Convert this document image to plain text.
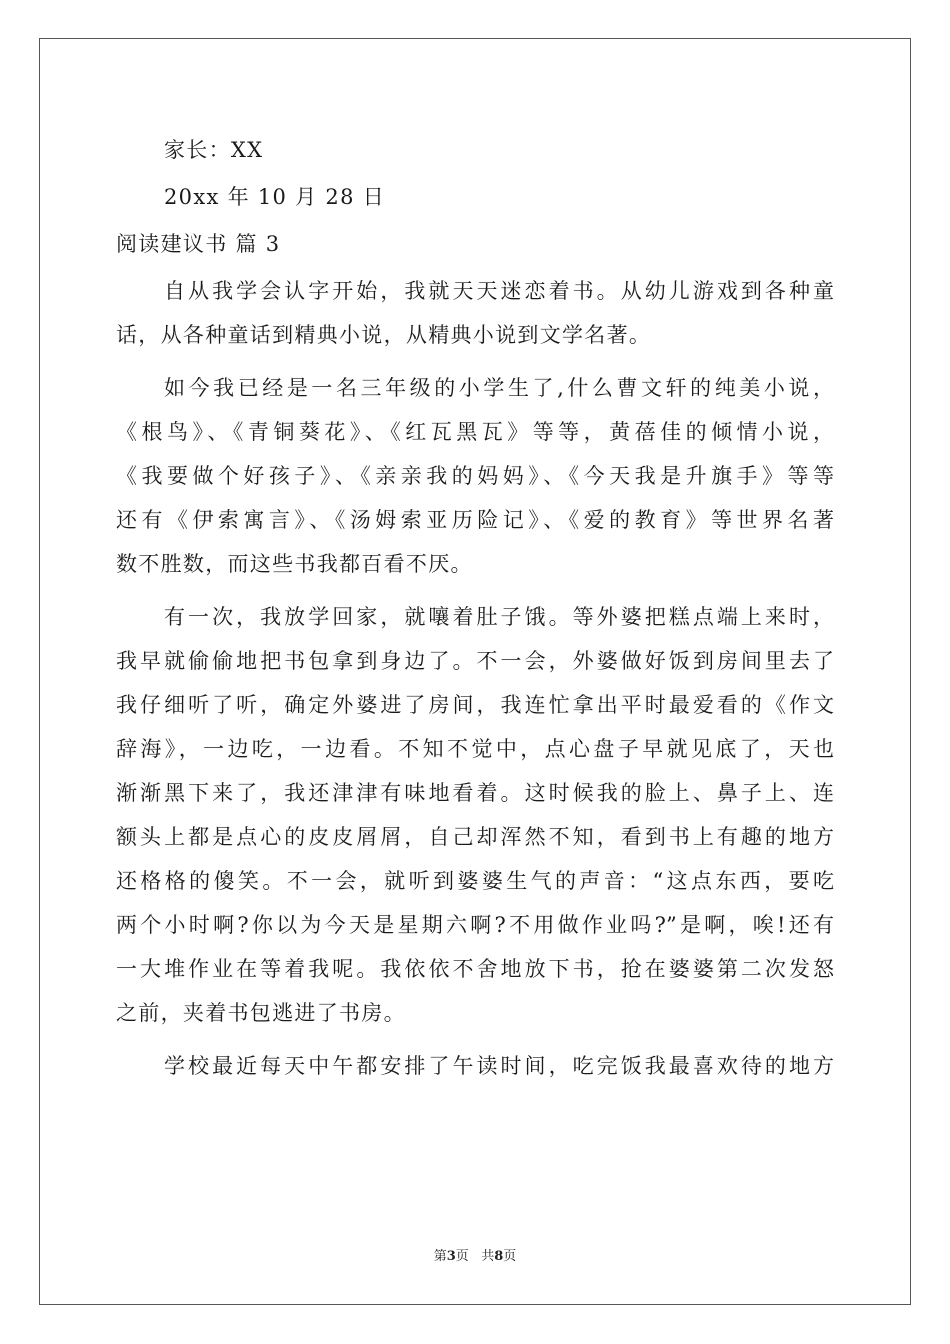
家长：XX
20xx 年 10 月 28 日
阅读建议书 篇 3
自从我学会认字开始，我就天天迷恋着书。从幼儿游戏到各种童
话，从各种童话到精典小说，从精典小说到文学名著。
如今我已经是一名三年级的小学生了,什么曹文轩的纯美小说，
《根鸟》、《青铜葵花》、《红瓦黑瓦》等等，黄蓓佳的倾情小说，
《我要做个好孩子》、《亲亲我的妈妈》、《今天我是升旗手》等等
还有《伊索寓言》、《汤姆索亚历险记》、《爱的教育》等世界名著
数不胜数，而这些书我都百看不厌。
有一次，我放学回家，就嚷着肚子饿。等外婆把糕点端上来时，
我早就偷偷地把书包拿到身边了。不一会，外婆做好饭到房间里去了
我仔细听了听，确定外婆进了房间，我连忙拿出平时最爱看的《作文
辞海》，一边吃，一边看。不知不觉中，点心盘子早就见底了，天也
渐渐黑下来了，我还津津有味地看着。这时候我的脸上、鼻子上、连
额头上都是点心的皮皮屑屑，自己却浑然不知，看到书上有趣的地方
还格格的傻笑。不一会，就听到婆婆生气的声音：“这点东西，要吃
两个小时啊?你以为今天是星期六啊?不用做作业吗?”是啊，唉!还有
一大堆作业在等着我呢。我依依不舍地放下书，抢在婆婆第二次发怒
之前，夹着书包逃进了书房。
学校最近每天中午都安排了午读时间，吃完饭我最喜欢待的地方
第3页 共8页
